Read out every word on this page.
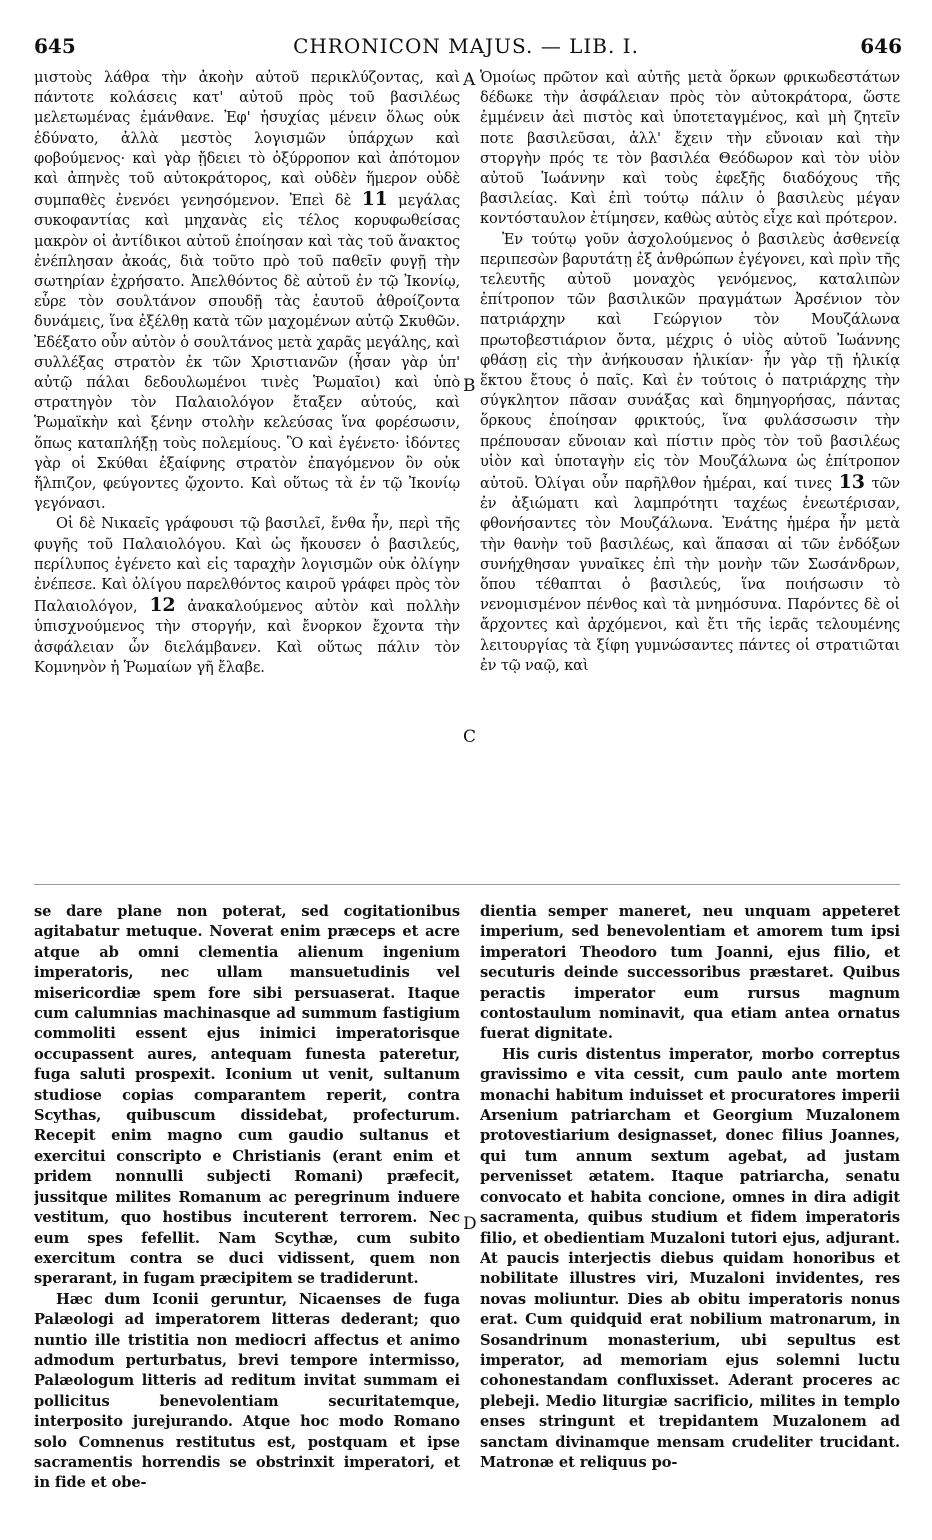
645	CHRONICON MAJUS. — LIB. I.	646
A
B
C
D

μιστοὺς λάθρα τὴν ἀκοὴν αὐτοῦ περικλύζοντας, καὶ πάντοτε κολάσεις κατ' αὐτοῦ πρὸς τοῦ βασιλέως μελετωμένας ἐμάνθανε. Ἐφ' ἡσυχίας μένειν ὅλως οὐκ ἐδύνατο, ἀλλὰ μεστὸς λογισμῶν ὑπάρχων καὶ φοβούμενος· καὶ γὰρ ᾔδειει τὸ ὀξύρροπον καὶ ἀπότομον καὶ ἀπηνὲς τοῦ αὐτοκράτορος, καὶ οὐδὲν ἥμερον οὐδὲ συμπαθὲς ἐνενόει γενησόμενον. Ἐπεὶ δὲ 11 μεγάλας συκοφαντίας καὶ μηχανὰς εἰς τέλος κορυφωθείσας μακρὸν οἱ ἀντίδικοι αὐτοῦ ἐποίησαν καὶ τὰς τοῦ ἄνακτος ἐνέπλησαν ἀκοάς, διὰ τοῦτο πρὸ τοῦ παθεῖν φυγῇ τὴν σωτηρίαν ἐχρήσατο. Ἀπελθόντος δὲ αὐτοῦ ἐν τῷ Ἰκονίῳ, εὗρε τὸν σουλτάνον σπουδῇ τὰς ἑαυτοῦ ἀθροίζοντα δυνάμεις, ἵνα ἐξέλθῃ κατὰ τῶν μαχομένων αὐτῷ Σκυθῶν. Ἐδέξατο οὖν αὐτὸν ὁ σουλτάνος μετὰ χαρᾶς μεγάλης, καὶ συλλέξας στρατὸν ἐκ τῶν Χριστιανῶν (ἦσαν γὰρ ὑπ' αὐτῷ πάλαι δεδουλωμένοι τινὲς Ῥωμαῖοι) καὶ ὑπὸ στρατηγὸν τὸν Παλαιολόγον ἔταξεν αὐτούς, καὶ Ῥωμαϊκὴν καὶ ξένην στολὴν κελεύσας ἵνα φορέσωσιν, ὅπως καταπλήξῃ τοὺς πολεμίους. Ὃ καὶ ἐγένετο· ἰδόντες γὰρ οἱ Σκύθαι ἐξαίφνης στρατὸν ἐπαγόμενον ὃν οὐκ ἤλπιζον, φεύγοντες ᾤχοντο. Καὶ οὕτως τὰ ἐν τῷ Ἰκονίῳ γεγόνασι.

Οἱ δὲ Νικαεῖς γράφουσι τῷ βασιλεῖ, ἔνθα ἦν, περὶ τῆς φυγῆς τοῦ Παλαιολόγου. Καὶ ὡς ἤκουσεν ὁ βασιλεύς, περίλυπος ἐγένετο καὶ εἰς ταραχὴν λογισμῶν οὐκ ὀλίγην ἐνέπεσε. Καὶ ὀλίγου παρελθόντος καιροῦ γράφει πρὸς τὸν Παλαιολόγον, 12 ἀνακαλούμενος αὐτὸν καὶ πολλὴν ὑπισχνούμενος τὴν στοργήν, καὶ ἔνορκον ἔχοντα τὴν ἀσφάλειαν ὧν διελάμβανεν. Καὶ οὕτως πάλιν τὸν Κομνηνὸν ἡ Ῥωμαίων γῆ ἔλαβε.

Ὁμοίως πρῶτον καὶ αὐτῆς μετὰ ὅρκων φρικωδεστάτων δέδωκε τὴν ἀσφάλειαν πρὸς τὸν αὐτοκράτορα, ὥστε ἐμμένειν ἀεὶ πιστὸς καὶ ὑποτεταγμένος, καὶ μὴ ζητεῖν ποτε βασιλεῦσαι, ἀλλ' ἔχειν τὴν εὔνοιαν καὶ τὴν στοργὴν πρός τε τὸν βασιλέα Θεόδωρον καὶ τὸν υἱὸν αὐτοῦ Ἰωάννην καὶ τοὺς ἐφεξῆς διαδόχους τῆς βασιλείας. Καὶ ἐπὶ τούτῳ πάλιν ὁ βασιλεὺς μέγαν κοντόσταυλον ἐτίμησεν, καθὼς αὐτὸς εἶχε καὶ πρότερον.

Ἐν τούτῳ γοῦν ἀσχολούμενος ὁ βασιλεὺς ἀσθενείᾳ περιπεσὼν βαρυτάτῃ ἐξ ἀνθρώπων ἐγέγονει, καὶ πρὶν τῆς τελευτῆς αὐτοῦ μοναχὸς γενόμενος, καταλιπὼν ἐπίτροπον τῶν βασιλικῶν πραγμάτων Ἀρσένιον τὸν πατριάρχην καὶ Γεώργιον τὸν Μουζάλωνα πρωτοβεστιάριον ὄντα, μέχρις ὁ υἱὸς αὐτοῦ Ἰωάννης φθάσῃ εἰς τὴν ἀνήκουσαν ἡλικίαν· ἦν γὰρ τῇ ἡλικίᾳ ἕκτου ἔτους ὁ παῖς. Καὶ ἐν τούτοις ὁ πατριάρχης τὴν σύγκλητον πᾶσαν συνάξας καὶ δημηγορήσας, πάντας ὅρκους ἐποίησαν φρικτούς, ἵνα φυλάσσωσιν τὴν πρέπουσαν εὔνοιαν καὶ πίστιν πρὸς τὸν τοῦ βασιλέως υἱὸν καὶ ὑποταγὴν εἰς τὸν Μουζάλωνα ὡς ἐπίτροπον αὐτοῦ. Ὀλίγαι οὖν παρῆλθον ἡμέραι, καί τινες 13 τῶν ἐν ἀξιώματι καὶ λαμπρότητι ταχέως ἐνεωτέρισαν, φθονήσαντες τὸν Μουζάλωνα. Ἐνάτης ἡμέρα ἦν μετὰ τὴν θανὴν τοῦ βασιλέως, καὶ ἅπασαι αἱ τῶν ἐνδόξων συνήχθησαν γυναῖκες ἐπὶ τὴν μονὴν τῶν Σωσάνδρων, ὅπου τέθαπται ὁ βασιλεύς, ἵνα ποιήσωσιν τὸ νενομισμένον πένθος καὶ τὰ μνημόσυνα. Παρόντες δὲ οἱ ἄρχοντες καὶ ἀρχόμενοι, καὶ ἔτι τῆς ἱερᾶς τελουμένης λειτουργίας τὰ ξίφη γυμνώσαντες πάντες οἱ στρατιῶται ἐν τῷ ναῷ, καὶ

se dare plane non poterat, sed cogitationibus agitabatur metuque. Noverat enim præceps et acre atque ab omni clementia alienum ingenium imperatoris, nec ullam mansuetudinis vel misericordiæ spem fore sibi persuaserat. Itaque cum calumnias machinasque ad summum fastigium commoliti essent ejus inimici imperatorisque occupassent aures, antequam funesta pateretur, fuga saluti prospexit. Iconium ut venit, sultanum studiose copias comparantem reperit, contra Scythas, quibuscum dissidebat, profecturum. Recepit enim magno cum gaudio sultanus et exercitui conscripto e Christianis (erant enim et pridem nonnulli subjecti Romani) præfecit, jussitque milites Romanum ac peregrinum induere vestitum, quo hostibus incuterent terrorem. Nec eum spes fefellit. Nam Scythæ, cum subito exercitum contra se duci vidissent, quem non sperarant, in fugam præcipitem se tradiderunt.

Hæc dum Iconii geruntur, Nicaenses de fuga Palæologi ad imperatorem litteras dederant; quo nuntio ille tristitia non mediocri affectus et animo admodum perturbatus, brevi tempore intermisso, Palæologum litteris ad reditum invitat summam ei pollicitus benevolentiam securitatemque, interposito jurejurando. Atque hoc modo Romano solo Comnenus restitutus est, postquam et ipse sacramentis horrendis se obstrinxit imperatori, et in fide et obe-

dientia semper maneret, neu unquam appeteret imperium, sed benevolentiam et amorem tum ipsi imperatori Theodoro tum Joanni, ejus filio, et secuturis deinde successoribus præstaret. Quibus peractis imperator eum rursus magnum contostaulum nominavit, qua etiam antea ornatus fuerat dignitate.

His curis distentus imperator, morbo correptus gravissimo e vita cessit, cum paulo ante mortem monachi habitum induisset et procuratores imperii Arsenium patriarcham et Georgium Muzalonem protovestiarium designasset, donec filius Joannes, qui tum annum sextum agebat, ad justam pervenisset ætatem. Itaque patriarcha, senatu convocato et habita concione, omnes in dira adigit sacramenta, quibus studium et fidem imperatoris filio, et obedientiam Muzaloni tutori ejus, adjurant. At paucis interjectis diebus quidam honoribus et nobilitate illustres viri, Muzaloni invidentes, res novas moliuntur. Dies ab obitu imperatoris nonus erat. Cum quidquid erat nobilium matronarum, in Sosandrinum monasterium, ubi sepultus est imperator, ad memoriam ejus solemni luctu cohonestandam confluxisset. Aderant proceres ac plebeji. Medio liturgiæ sacrificio, milites in templo enses stringunt et trepidantem Muzalonem ad sanctam divinamque mensam crudeliter trucidant. Matronæ et reliquus po-
